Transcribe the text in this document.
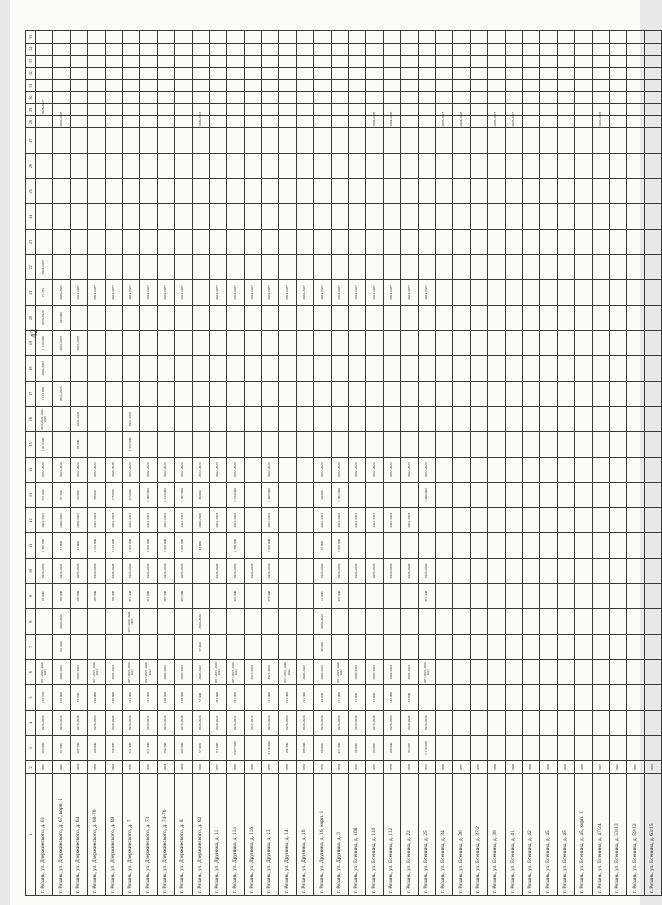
1	2	3	4	5	6	7	8	9	10	11	12	13	14	15	16	17	18	19	20	21	22	23	24	25	26	27	28	29	30	31	32	33	34	35
г. Рязань, ул. Дзержинского, д. 61	1962	263 800	2020-2020	210 550	2017-2019, 2020-2023			63 000	2020-2020	1 361 990	2023-2025	271 000	2022-2023	1 016 000	2023-2025, 2026-2025	1 154 900	2020-2023	1 210 000	2020-2023	71 351	2024-2027							2026-2027						
г. Рязань, ул. Дзержинского, д. 67, корп. 1	1962	91 900	2020-2020	162 000	2020-2022	151 000	2020-2022	163 000	2020-2022	71 000	2026-2022	87 500	2023-2024			2022-2025		2022-2025	103 000	2020-2025							2022-2026							
г. Рязань, ул. Дзержинского, д. 64	1964	207 500	2020-2020	52 200	2020-2022			107 000	2020-2020	41 000	2020-2022	35 000	2022-2023	96 000	2022-2025			2022-2025		2024-2027														
г. Рязань, ул. Дзержинского, д. 68-70	1963	190 000	2020-2020	190 000	2017-2019, 2020-2023			207 000	2020-2020	1 152 000	2022-2023	30 000	2022-2023							2024-2027														
г. Рязань, ул. Дзержинского, д. 69	1963	154 000	2020-2020	190 000	2020-2022			102 000	2026-2028	1 152 000	2022-2023	178 000	2026-2028							2024-2027														
г. Рязань, ул. Дзержинского, д. 7	1956	211 300	2020-2020	211 300	2017-2019, 2020-2023		2017-2019, 2020-2023	372 000	2020-2020	1 607 000	2022-2023	173 000	2022-2023	1 562 000	2022-2025					2024-2027														
г. Рязань, ул. Дзержинского, д. 73	1956	271 300	2020-2022	211 300	2017-2019, 2020-2022			371 000	2020-2020	1 607 000	2022-2023	1 609 000	2022-2023							2024-2027														
г. Рязань, ул. Дзержинского, д. 74-76	1964	154 300	2020-2020	160 300	2020-2022			367 000	2020-2020	1 607 000	2022-2023	1 213 000	2022-2023							2024-2027														
г. Рязань, ул. Дзержинского, д. 8	1964	203 300	2020-2020	166 300	2020-2022			367 000	2020-2020	1 607 000	2022-2023	1 607 000	2022-2023							2024-2027														
г. Рязань, ул. Дзержинского, д. 82	1960	57 400	2020-2020	57 400	2020-2022	57 400	2020-2020			43 000	2020-2020	36 000	2022-2023														2020-2023							
г. Рязань, ул. Друнина, д. 11	1957	115 000	2020-2022	231 000	2017-2019, 2020-2022				2020-2020		2022-2023		2022-2023							2024-2027														
г. Рязань, ул. Друнина, д. 11а	1966	2 027 000	2020-2022	231 000	2017-2019, 2020-2022			322 000	2020-2020	1 299 000	2022-2023	1 224 000	2022-2023							2024-2027														
г. Рязань, ул. Друнина, д. 116	1966		2017-2019		2017-2019				2020-2028											2024-2027														
г. Рязань, ул. Друнина, д. 13	1959	3 119 000	2020-2023	211 000	2017-2019			373 000	2020-2020	1 607 000	2022-2023	1 409 000	2022-2023							2024-2027														
г. Рязань, ул. Друнина, д. 14	1958	189 300	2020-2020	211 300	2017-2019, 2020-2022															2024-2027														
г. Рязань, ул. Друнина, д. 16	1958	188 000	2020-2020	211 300	2020-2022															2024-2027														
г. Рязань, ул. Друнина, д. 16, корп. 1	1950	98 000	2020-2020	45 000	2020-2022	49 000	2020-2023	11 000	2020-2020	32 000	2022-2023	34 000	2022-2023							2024-2027														
г. Рязань, ул. Друнина, д. 3	1954	411 000	2020-2020	211 000	2017-2019, 2020-2022			372 000	2020-2020	1 607 000	2022-2023	1 602 000	2022-2023							2024-2027														
г. Рязань, ул. Есенина, д. 108	1959	96 000	2020-2020	91 000	2020-2022				2020-2020		2022-2023		2022-2023							2024-2027														
г. Рязань, ул. Есенина, д. 110	1962	96 000	2020-2020	91 000	2020-2022				2020-2020		2022-2023		2022-2023							2024-2027							2024-2026							
г. Рязань, ул. Есенина, д. 112	1978	166 000	2020-2020	142 000	2020-2022				2020-2020		2022-2023		2022-2023							2024-2027							2024-2026							
г. Рязань, ул. Есенина, д. 22	1958	37 200	2020-2020	51 900	2020-2022				2020-2020		2022-2023		2022-2023							2024-2027														
г. Рязань, ул. Есенина, д. 25	1952	1 110 000	2020-2020		2017-2019, 2020-2023			372 000	2020-2020			1 409 000	2022-2023							2024-2027														
г. Рязань, ул. Есенина, д. 34	1960																										2026-2027							
г. Рязань, ул. Есенина, д. 36	1957																										2024-2026							
г. Рязань, ул. Есенина, д. 37/2	1959																																	
г. Рязань, ул. Есенина, д. 38	1960																										2026-2027							
г. Рязань, ул. Есенина, д. 41	1960																										2026-2027							
г. Рязань, ул. Есенина, д. 42	1960																																	
г. Рязань, ул. Есенина, д. 45	1960																																	
г. Рязань, ул. Есенина, д. 45	1960																																	
г. Рязань, ул. Есенина, д. 45, корп. 1	1960																																	
г. Рязань, ул. Есенина, д. 47/24	1957																										2026-2028							
г. Рязань, ул. Есенина, д. 53/13	1962																																	
г. Рязань, ул. Есенина, д. 59/12	1962																																	
г. Рязань, ул. Есенина, д. 63/15	1962																																	
42
